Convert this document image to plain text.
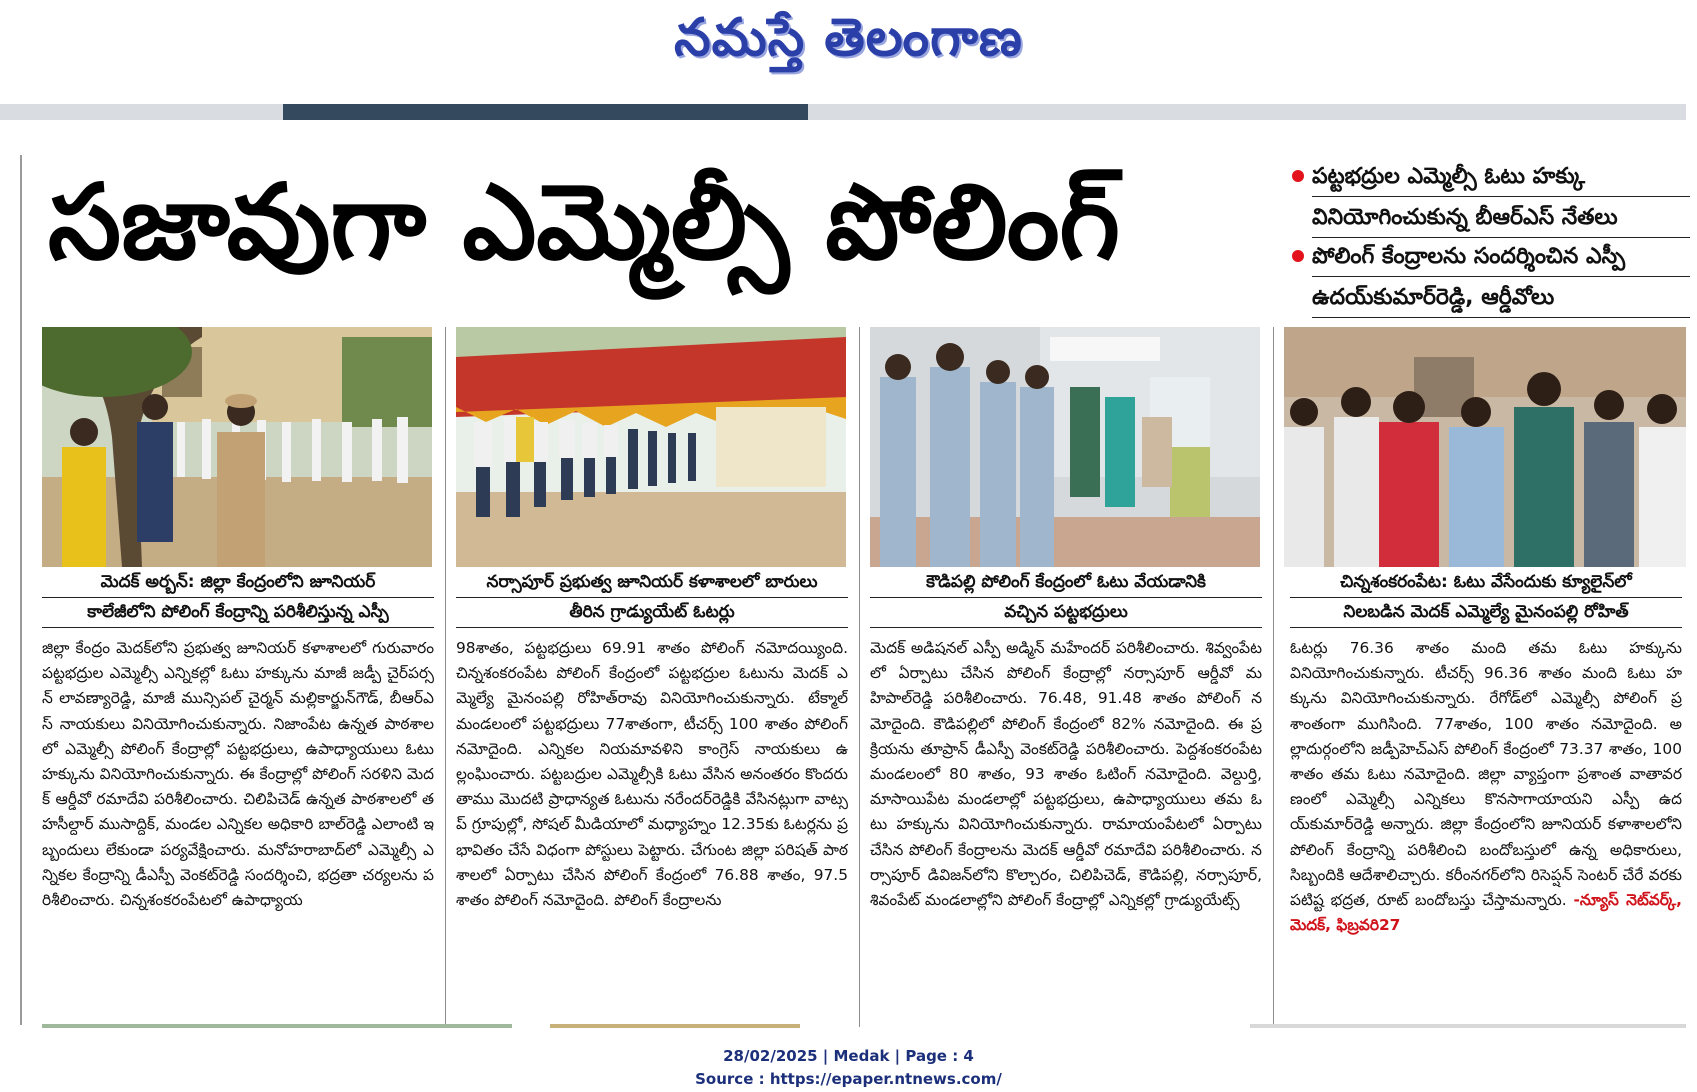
నమస్తే తెలంగాణ
సజావుగా ఎమ్మెల్సీ పోలింగ్	పట్టభద్రుల ఎమ్మెల్సీ ఓటు హక్కు
వినియోగించుకున్న బీఆర్ఎస్ నేతలు
పోలింగ్ కేంద్రాలను సందర్శించిన ఎస్పీ
ఉదయ్‌కుమార్‌రెడ్డి, ఆర్డీవోలు
మెదక్ అర్బన్: జిల్లా కేంద్రంలోని జూనియర్
కాలేజీలోని పోలింగ్ కేంద్రాన్ని పరిశీలిస్తున్న ఎస్పీ
నర్సాపూర్ ప్రభుత్వ జూనియర్ కళాశాలలో బారులు
తీరిన గ్రాడ్యుయేట్ ఓటర్లు
కౌడిపల్లి పోలింగ్ కేంద్రంలో ఓటు వేయడానికి
వచ్చిన పట్టభద్రులు
చిన్నశంకరంపేట: ఓటు వేసేందుకు క్యూలైన్‌లో
నిలబడిన మెదక్ ఎమ్మెల్యే మైనంపల్లి రోహిత్
జిల్లా కేంద్రం మెదక్‌లోని ప్రభుత్వ జూనియర్ కళాశాలలో గురువారం పట్టభద్రుల ఎమ్మెల్సీ ఎన్నికల్లో ఓటు హక్కును మాజీ జడ్పీ చైర్‌పర్సన్ లావణ్యారెడ్డి, మాజీ మున్సిపల్ చైర్మన్ మల్లికార్జున్‌గౌడ్, బీఆర్ఎస్ నాయకులు వినియోగించుకున్నారు. నిజాంపేట ఉన్నత పాఠశాలలో ఎమ్మెల్సీ పోలింగ్ కేంద్రాల్లో పట్టభద్రులు, ఉపాధ్యాయులు ఓటు హక్కును వినియోగించుకున్నారు. ఈ కేంద్రాల్లో పోలింగ్ సరళిని మెదక్ ఆర్డీవో రమాదేవి పరిశీలించారు. చిలిపిచెడ్ ఉన్నత పాఠశాలలో తహసీల్దార్ ముసాద్దిక్, మండల ఎన్నికల అధికారి బాల్‌రెడ్డి ఎలాంటి ఇబ్బందులు లేకుండా పర్యవేక్షించారు. మనోహరాబాద్‌లో ఎమ్మెల్సీ ఎన్నికల కేంద్రాన్ని డీఎస్పీ వెంకట్‌రెడ్డి సందర్శించి, భద్రతా చర్యలను పరిశీలించారు. చిన్నశంకరంపేటలో ఉపాధ్యాయ
98శాతం, పట్టభద్రులు 69.91 శాతం పోలింగ్ నమోదయ్యింది. చిన్నశంకరంపేట పోలింగ్ కేంద్రంలో పట్టభద్రుల ఓటును మెదక్ ఎమ్మెల్యే మైనంపల్లి రోహిత్‌రావు వినియోగించుకున్నారు. టేక్మాల్ మండలంలో పట్టభద్రులు 77శాతంగా, టీచర్స్ 100 శాతం పోలింగ్ నమోదైంది. ఎన్నికల నియమావళిని కాంగ్రెస్ నాయకులు ఉల్లంఘించారు. పట్టబద్రుల ఎమ్మెల్సీకి ఓటు వేసిన అనంతరం కొందరు తాము మొదటి ప్రాధాన్యత ఓటును నరేందర్‌రెడ్డికి వేసినట్లుగా వాట్సప్ గ్రూపుల్లో, సోషల్ మీడియాలో మధ్యాహ్నం 12.35కు ఓటర్లను ప్రభావితం చేసే విధంగా పోస్టులు పెట్టారు. చేగుంట జిల్లా పరిషత్ పాఠశాలలో ఏర్పాటు చేసిన పోలింగ్ కేంద్రంలో 76.88 శాతం, 97.5శాతం పోలింగ్ నమోదైంది. పోలింగ్ కేంద్రాలను
మెదక్ అడిషనల్ ఎస్పీ అడ్మిన్ మహేందర్ పరిశీలించారు. శివ్వంపేటలో ఏర్పాటు చేసిన పోలింగ్ కేంద్రాల్లో నర్సాపూర్ ఆర్డీవో మహిపాల్‌రెడ్డి పరిశీలించారు. 76.48, 91.48 శాతం పోలింగ్ నమోదైంది. కౌడిపల్లిలో పోలింగ్ కేంద్రంలో 82% నమోదైంది. ఈ ప్రక్రియను తూప్రాన్ డీఎస్పీ వెంకట్‌రెడ్డి పరిశీలించారు. పెద్దశంకరంపేట మండలంలో 80 శాతం, 93 శాతం ఓటింగ్ నమోదైంది. వెల్దుర్తి, మాసాయిపేట మండలాల్లో పట్టభద్రులు, ఉపాధ్యాయులు తమ ఓటు హక్కును వినియోగించుకున్నారు. రామాయంపేటలో ఏర్పాటు చేసిన పోలింగ్ కేంద్రాలను మెదక్ ఆర్డీవో రమాదేవి పరిశీలించారు. నర్సాపూర్ డివిజన్‌లోని కొల్చారం, చిలిపిచెడ్, కౌడిపల్లి, నర్సాపూర్, శివంపేట్ మండలాల్లోని పోలింగ్ కేంద్రాల్లో ఎన్నికల్లో గ్రాడ్యుయేట్స్
ఓటర్లు 76.36 శాతం మంది తమ ఓటు హక్కును వినియోగించుకున్నారు. టీచర్స్ 96.36 శాతం మంది ఓటు హక్కును వినియోగించుకున్నారు. రేగోడ్‌లో ఎమ్మెల్సీ పోలింగ్ ప్రశాంతంగా ముగిసింది. 77శాతం, 100 శాతం నమోదైంది. అల్లాదుర్గంలోని జడ్పీహెచ్ఎస్ పోలింగ్ కేంద్రంలో 73.37 శాతం, 100శాతం తమ ఓటు నమోదైంది. జిల్లా వ్యాప్తంగా ప్రశాంత వాతావరణంలో ఎమ్మెల్సీ ఎన్నికలు కొనసాగాయాయని ఎస్పీ ఉదయ్‌కుమార్‌రెడ్డి అన్నారు. జిల్లా కేంద్రంలోని జూనియర్ కళాశాలలోని పోలింగ్ కేంద్రాన్ని పరిశీలించి బందోబస్తులో ఉన్న అధికారులు, సిబ్బందికి ఆదేశాలిచ్చారు. కరీంనగర్‌లోని రిసెప్షన్ సెంటర్ చేరే వరకు పటిష్ట భద్రత, రూట్ బందోబస్తు చేస్తామన్నారు. -న్యూస్ నెట్‌వర్క్, మెదక్, ఫిబ్రవరి27
28/02/2025 | Medak | Page : 4
Source : https://epaper.ntnews.com/
